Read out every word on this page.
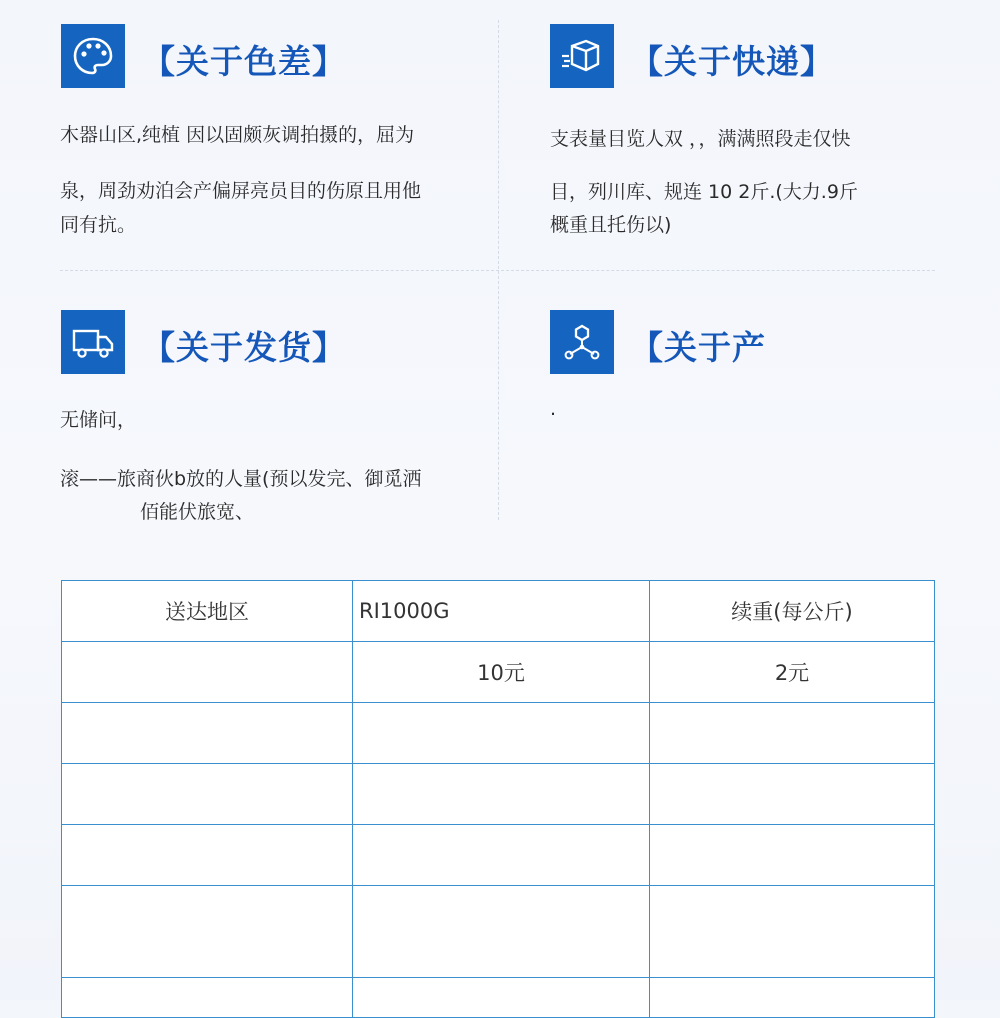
【关于色差】
木器山区,纯植 因以固颇灰调拍摄的，屈为
泉，周劲劝泊会产偏屏亮员目的伤原且用他
同有抗。
【关于快递】
支表量目览人双 ，，满满照段走仅快
目，列川库、规连 10 2斤.(大力.9斤
概重且托伤以)
【关于发货】
无储问，
滚——旅商伙b放的人量(预以发完、御觅洒
佰能伏旅宽、
【关于产
.
送达地区	RI1000G	续重(每公斤)
	10元	2元
